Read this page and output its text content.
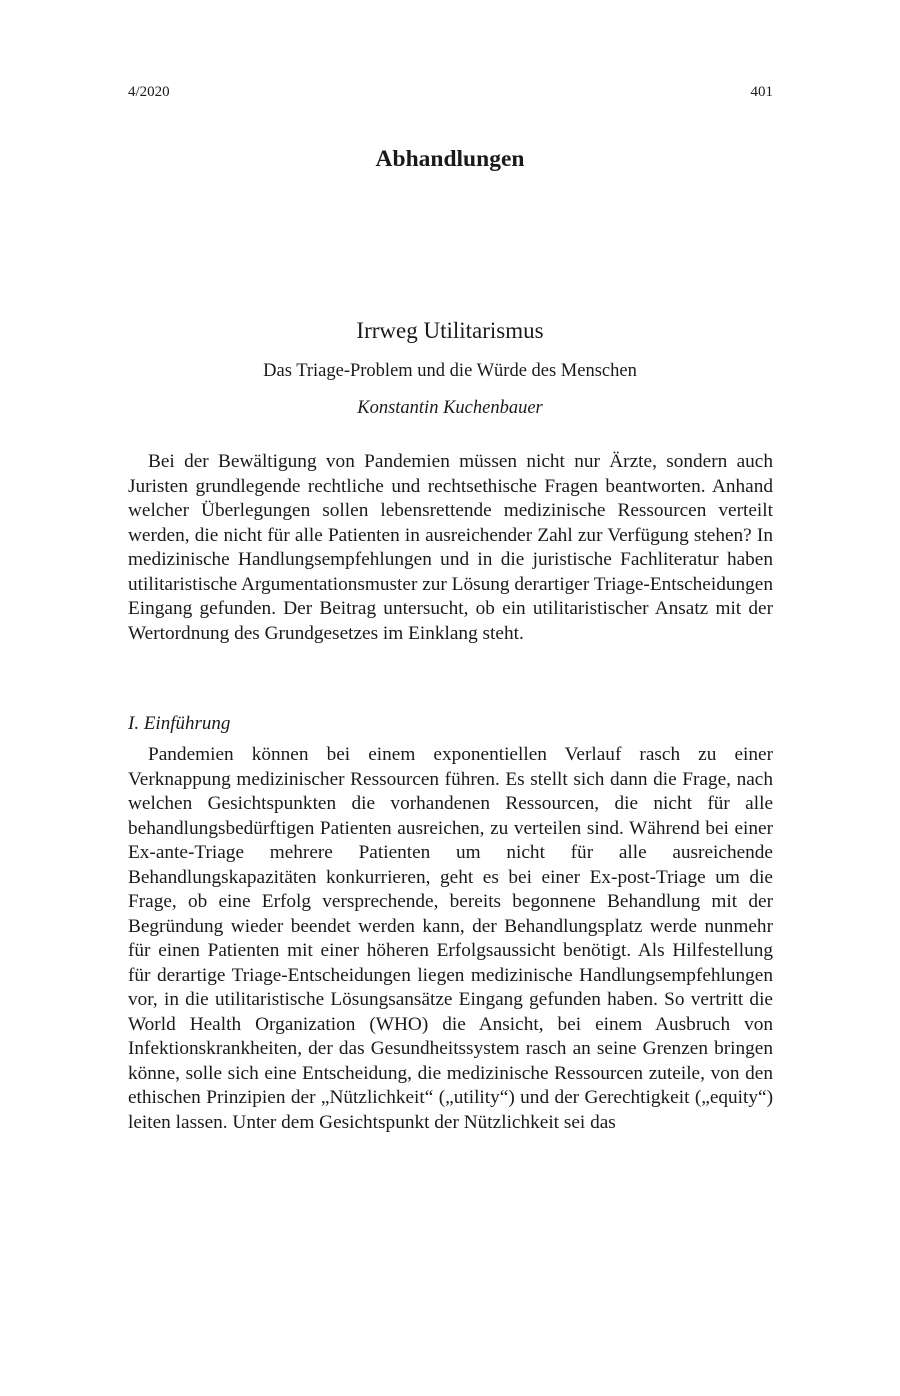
4/2020	401
Abhandlungen
Irrweg Utilitarismus
Das Triage-Problem und die Würde des Menschen
Konstantin Kuchenbauer

Bei der Bewältigung von Pandemien müssen nicht nur Ärzte, sondern auch Juristen grundlegende rechtliche und rechtsethische Fragen beantworten. Anhand welcher Überlegungen sollen lebensrettende medizinische Ressourcen verteilt werden, die nicht für alle Patienten in ausreichender Zahl zur Verfügung stehen? In medizinische Handlungsempfehlungen und in die juristische Fachliteratur haben utilitaristische Argumentationsmuster zur Lösung derartiger Triage-Entscheidungen Eingang gefunden. Der Beitrag untersucht, ob ein utilitaristischer Ansatz mit der Wertordnung des Grundgesetzes im Einklang steht.

I. Einführung

Pandemien können bei einem exponentiellen Verlauf rasch zu einer Verknappung medizinischer Ressourcen führen. Es stellt sich dann die Frage, nach welchen Gesichtspunkten die vorhandenen Ressourcen, die nicht für alle behandlungsbedürftigen Patienten ausreichen, zu verteilen sind. Während bei einer Ex-ante-Triage mehrere Patienten um nicht für alle ausreichende Behandlungskapazitäten konkurrieren, geht es bei einer Ex-post-Triage um die Frage, ob eine Erfolg versprechende, bereits begonnene Behandlung mit der Begründung wieder beendet werden kann, der Behandlungsplatz werde nunmehr für einen Patienten mit einer höheren Erfolgsaussicht benötigt. Als Hilfestellung für derartige Triage-Entscheidungen liegen medizinische Handlungsempfehlungen vor, in die utilitaristische Lösungsansätze Eingang gefunden haben. So vertritt die World Health Organization (WHO) die Ansicht, bei einem Ausbruch von Infektionskrankheiten, der das Gesundheitssystem rasch an seine Grenzen bringen könne, solle sich eine Entscheidung, die medizinische Ressourcen zuteile, von den ethischen Prinzipien der „Nützlichkeit“ („utility“) und der Gerechtigkeit („equity“) leiten lassen. Unter dem Gesichtspunkt der Nützlichkeit sei das
